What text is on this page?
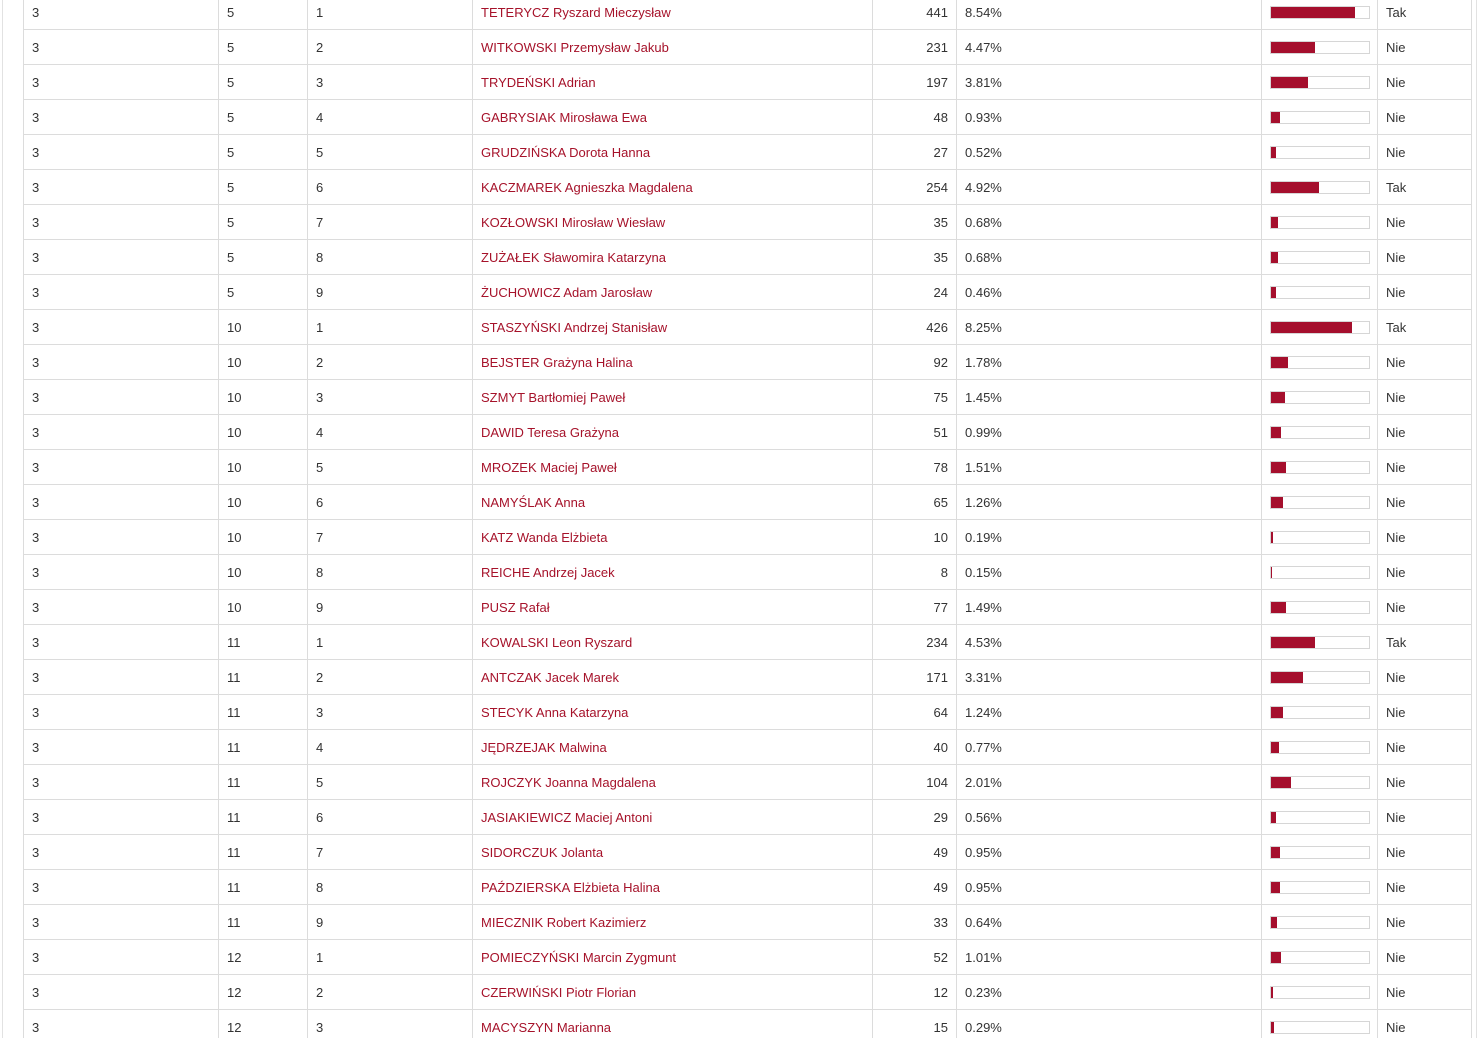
3	5	1	TETERYCZ Ryszard Mieczysław	441	8.54%		Tak
3	5	2	WITKOWSKI Przemysław Jakub	231	4.47%		Nie
3	5	3	TRYDEŃSKI Adrian	197	3.81%		Nie
3	5	4	GABRYSIAK Mirosława Ewa	48	0.93%		Nie
3	5	5	GRUDZIŃSKA Dorota Hanna	27	0.52%		Nie
3	5	6	KACZMAREK Agnieszka Magdalena	254	4.92%		Tak
3	5	7	KOZŁOWSKI Mirosław Wiesław	35	0.68%		Nie
3	5	8	ZUŻAŁEK Sławomira Katarzyna	35	0.68%		Nie
3	5	9	ŻUCHOWICZ Adam Jarosław	24	0.46%		Nie
3	10	1	STASZYŃSKI Andrzej Stanisław	426	8.25%		Tak
3	10	2	BEJSTER Grażyna Halina	92	1.78%		Nie
3	10	3	SZMYT Bartłomiej Paweł	75	1.45%		Nie
3	10	4	DAWID Teresa Grażyna	51	0.99%		Nie
3	10	5	MROZEK Maciej Paweł	78	1.51%		Nie
3	10	6	NAMYŚLAK Anna	65	1.26%		Nie
3	10	7	KATZ Wanda Elżbieta	10	0.19%		Nie
3	10	8	REICHE Andrzej Jacek	8	0.15%		Nie
3	10	9	PUSZ Rafał	77	1.49%		Nie
3	11	1	KOWALSKI Leon Ryszard	234	4.53%		Tak
3	11	2	ANTCZAK Jacek Marek	171	3.31%		Nie
3	11	3	STECYK Anna Katarzyna	64	1.24%		Nie
3	11	4	JĘDRZEJAK Malwina	40	0.77%		Nie
3	11	5	ROJCZYK Joanna Magdalena	104	2.01%		Nie
3	11	6	JASIAKIEWICZ Maciej Antoni	29	0.56%		Nie
3	11	7	SIDORCZUK Jolanta	49	0.95%		Nie
3	11	8	PAŹDZIERSKA Elżbieta Halina	49	0.95%		Nie
3	11	9	MIECZNIK Robert Kazimierz	33	0.64%		Nie
3	12	1	POMIECZYŃSKI Marcin Zygmunt	52	1.01%		Nie
3	12	2	CZERWIŃSKI Piotr Florian	12	0.23%		Nie
3	12	3	MACYSZYN Marianna	15	0.29%		Nie
